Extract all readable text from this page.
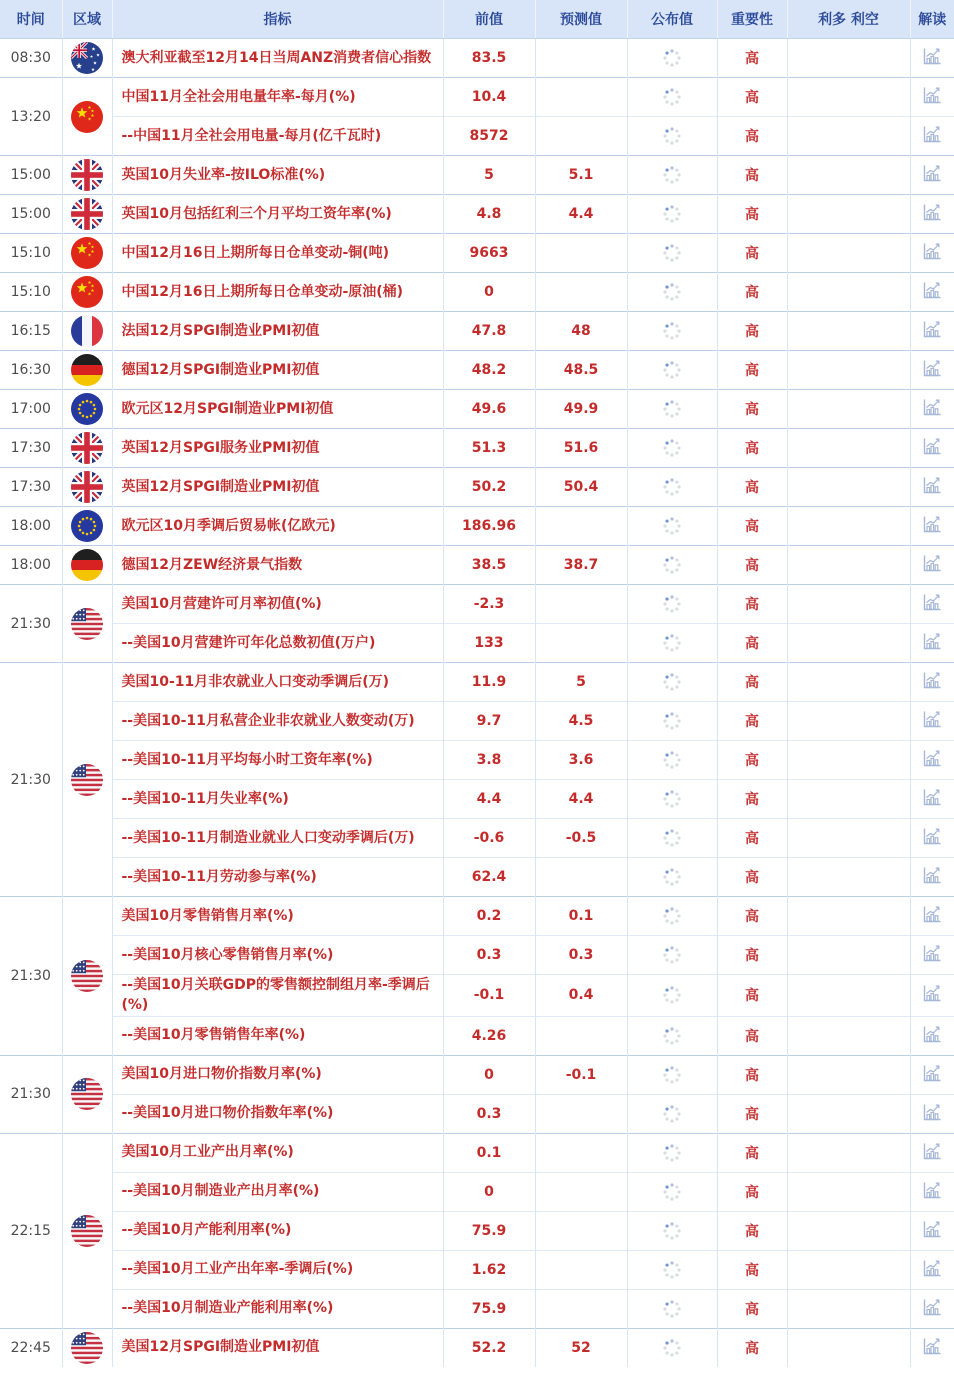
时间	区域	指标	前值	预测值	公布值	重要性	利多 利空	解读
08:30		澳大利亚截至12月14日当周ANZ消费者信心指数	83.5			高		
13:20		中国11月全社会用电量年率-每月(%)	10.4			高		
		--中国11月全社会用电量-每月(亿千瓦时)	8572			高		
15:00		英国10月失业率-按ILO标准(%)	5	5.1		高		
15:00		英国10月包括红利三个月平均工资年率(%)	4.8	4.4		高		
15:10		中国12月16日上期所每日仓单变动-铜(吨)	9663			高		
15:10		中国12月16日上期所每日仓单变动-原油(桶)	0			高		
16:15		法国12月SPGI制造业PMI初值	47.8	48		高		
16:30		德国12月SPGI制造业PMI初值	48.2	48.5		高		
17:00		欧元区12月SPGI制造业PMI初值	49.6	49.9		高		
17:30		英国12月SPGI服务业PMI初值	51.3	51.6		高		
17:30		英国12月SPGI制造业PMI初值	50.2	50.4		高		
18:00		欧元区10月季调后贸易帐(亿欧元)	186.96			高		
18:00		德国12月ZEW经济景气指数	38.5	38.7		高		
21:30		美国10月营建许可月率初值(%)	-2.3			高		
		--美国10月营建许可年化总数初值(万户)	133			高		
21:30		美国10-11月非农就业人口变动季调后(万)	11.9	5		高		
		--美国10-11月私营企业非农就业人数变动(万)	9.7	4.5		高		
		--美国10-11月平均每小时工资年率(%)	3.8	3.6		高		
		--美国10-11月失业率(%)	4.4	4.4		高		
		--美国10-11月制造业就业人口变动季调后(万)	-0.6	-0.5		高		
		--美国10-11月劳动参与率(%)	62.4			高		
21:30		美国10月零售销售月率(%)	0.2	0.1		高		
		--美国10月核心零售销售月率(%)	0.3	0.3		高		
		--美国10月关联GDP的零售额控制组月率-季调后(%)	-0.1	0.4		高		
		--美国10月零售销售年率(%)	4.26			高		
21:30		美国10月进口物价指数月率(%)	0	-0.1		高		
		--美国10月进口物价指数年率(%)	0.3			高		
22:15		美国10月工业产出月率(%)	0.1			高		
		--美国10月制造业产出月率(%)	0			高		
		--美国10月产能利用率(%)	75.9			高		
		--美国10月工业产出年率-季调后(%)	1.62			高		
		--美国10月制造业产能利用率(%)	75.9			高		
22:45		美国12月SPGI制造业PMI初值	52.2	52		高		
